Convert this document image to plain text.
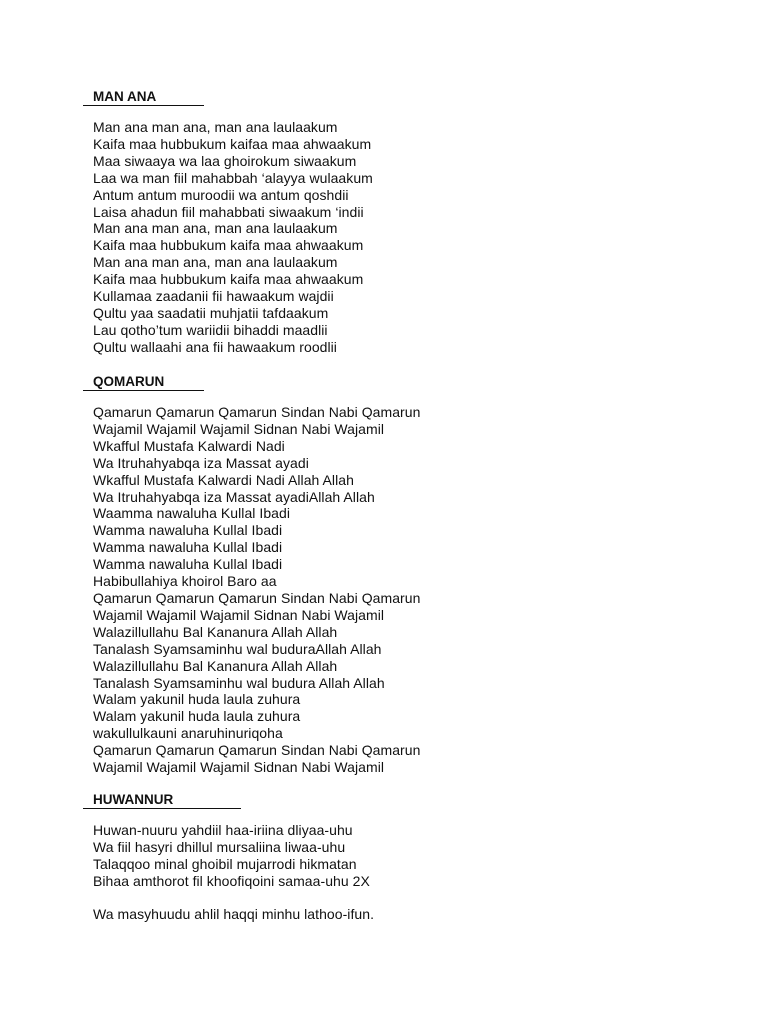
MAN ANA
Man ana man ana, man ana laulaakum
Kaifa maa hubbukum kaifaa maa ahwaakum
Maa siwaaya wa laa ghoirokum siwaakum
Laa wa man fiil mahabbah ‘alayya wulaakum
Antum antum muroodii wa antum qoshdii
Laisa ahadun fiil mahabbati siwaakum ‘indii
Man ana man ana, man ana laulaakum
Kaifa maa hubbukum kaifa maa ahwaakum
Man ana man ana, man ana laulaakum
Kaifa maa hubbukum kaifa maa ahwaakum
Kullamaa zaadanii fii hawaakum wajdii
Qultu yaa saadatii muhjatii tafdaakum
Lau qotho’tum wariidii bihaddi maadlii
Qultu wallaahi ana fii hawaakum roodlii
QOMARUN
Qamarun Qamarun Qamarun Sindan Nabi Qamarun
Wajamil Wajamil Wajamil Sidnan Nabi Wajamil
Wkafful Mustafa Kalwardi Nadi
Wa Itruhahyabqa iza Massat ayadi
Wkafful Mustafa Kalwardi Nadi Allah Allah
Wa Itruhahyabqa iza Massat ayadiAllah Allah
Waamma nawaluha Kullal Ibadi
Wamma nawaluha Kullal Ibadi
Wamma nawaluha Kullal Ibadi
Wamma nawaluha Kullal Ibadi
Habibullahiya khoirol Baro aa
Qamarun Qamarun Qamarun Sindan Nabi Qamarun
Wajamil Wajamil Wajamil Sidnan Nabi Wajamil
Walazillullahu Bal Kananura Allah Allah
Tanalash Syamsaminhu wal buduraAllah Allah
Walazillullahu Bal Kananura Allah Allah
Tanalash Syamsaminhu wal budura Allah Allah
Walam yakunil huda laula zuhura
Walam yakunil huda laula zuhura
wakullulkauni anaruhinuriqoha
Qamarun Qamarun Qamarun Sindan Nabi Qamarun
Wajamil Wajamil Wajamil Sidnan Nabi Wajamil
HUWANNUR
Huwan-nuuru yahdiil haa-iriina dliyaa-uhu
Wa fiil hasyri dhillul mursaliina liwaa-uhu
Talaqqoo minal ghoibil mujarrodi hikmatan
Bihaa amthorot fil khoofiqoini samaa-uhu 2X
Wa masyhuudu ahlil haqqi minhu lathoo-ifun.
